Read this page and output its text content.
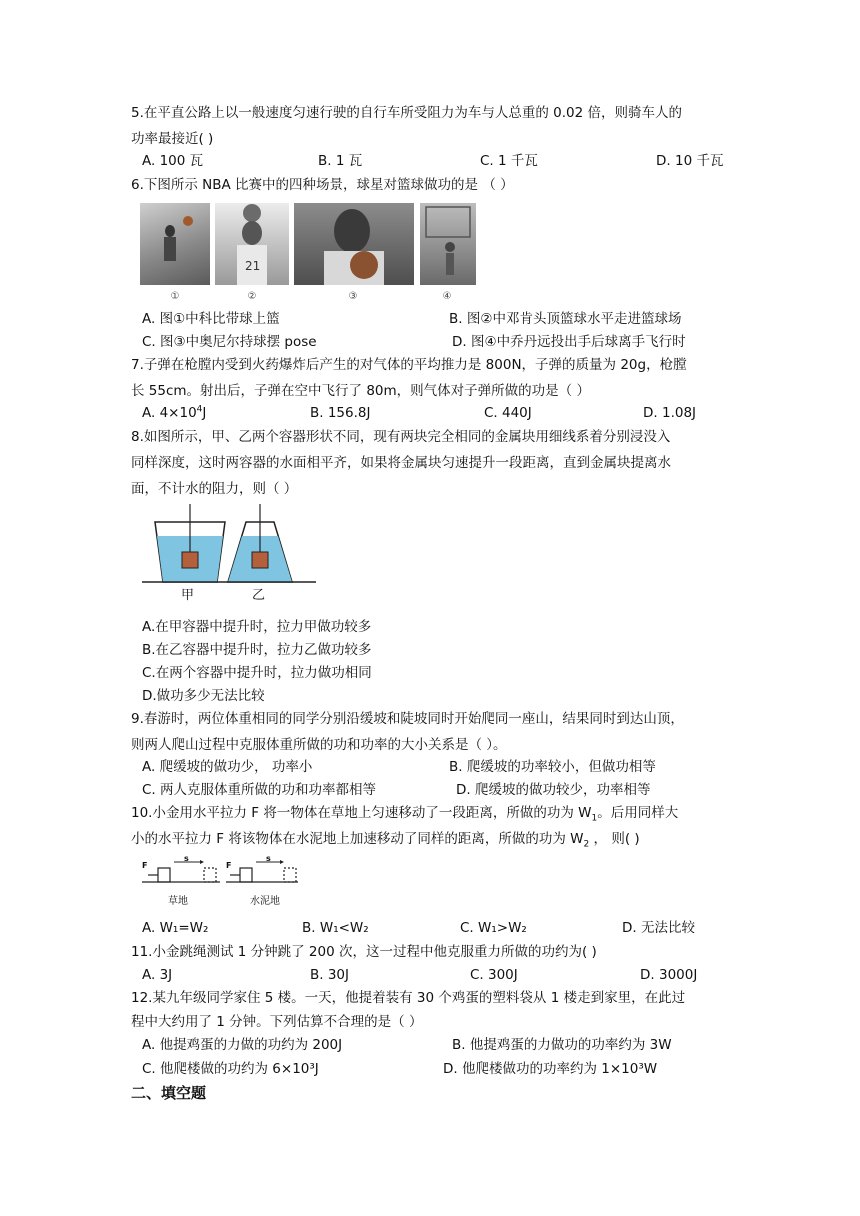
5.在平直公路上以一般速度匀速行驶的自行车所受阻力为车与人总重的 0.02 倍，则骑车人的
功率最接近( )
A. 100 瓦	B. 1 瓦	C. 1 千瓦	D. 10 千瓦
6.下图所示 NBA 比赛中的四种场景，球星对篮球做功的是 （ ）
21
①	②	③	④
A. 图①中科比带球上篮	B. 图②中邓肯头顶篮球水平走进篮球场
C. 图③中奥尼尔持球摆 pose	D. 图④中乔丹远投出手后球离手飞行时
7.子弹在枪膛内受到火药爆炸后产生的对气体的平均推力是 800N，子弹的质量为 20g，枪膛
长 55cm。射出后，子弹在空中飞行了 80m，则气体对子弹所做的功是（ ）
A. $4\times 10^4J$	B. 156.8J	C. 440J	D. 1.08J
8.如图所示，甲、乙两个容器形状不同，现有两块完全相同的金属块用细线系着分别浸没入
同样深度，这时两容器的水面相平齐，如果将金属块匀速提升一段距离，直到金属块提离水
面，不计水的阻力，则（ ）
甲	乙
A.在甲容器中提升时，拉力甲做功较多
B.在乙容器中提升时，拉力乙做功较多
C.在两个容器中提升时，拉力做功相同
D.做功多少无法比较
9.春游时，两位体重相同的同学分别沿缓坡和陡坡同时开始爬同一座山，结果同时到达山顶，
则两人爬山过程中克服体重所做的功和功率的大小关系是（ ）。
A. 爬缓坡的做功少， 功率小	B. 爬缓坡的功率较小，但做功相等
C. 两人克服体重所做的功和功率都相等	D. 爬缓坡的做功较少，功率相等
10.小金用水平拉力 F 将一物体在草地上匀速移动了一段距离，所做的功为 $W_1$。后用同样大
小的水平拉力 F 将该物体在水泥地上加速移动了同样的距离，所做的功为 $W_2$ ， 则( )
F
s
F
s
草地	水泥地
A. W₁=W₂	B. W₁<W₂	C. W₁>W₂	D. 无法比较
11.小金跳绳测试 1 分钟跳了 200 次，这一过程中他克服重力所做的功约为( )
A. 3J	B. 30J	C. 300J	D. 3000J
12.某九年级同学家住 5 楼。一天，他提着装有 30 个鸡蛋的塑料袋从 1 楼走到家里，在此过
程中大约用了 1 分钟。下列估算不合理的是（ ）
A. 他提鸡蛋的力做的功约为 200J	B. 他提鸡蛋的力做功的功率约为 3W
C. 他爬楼做的功约为 6×10³J	D. 他爬楼做功的功率约为 1×10³W
二、填空题
